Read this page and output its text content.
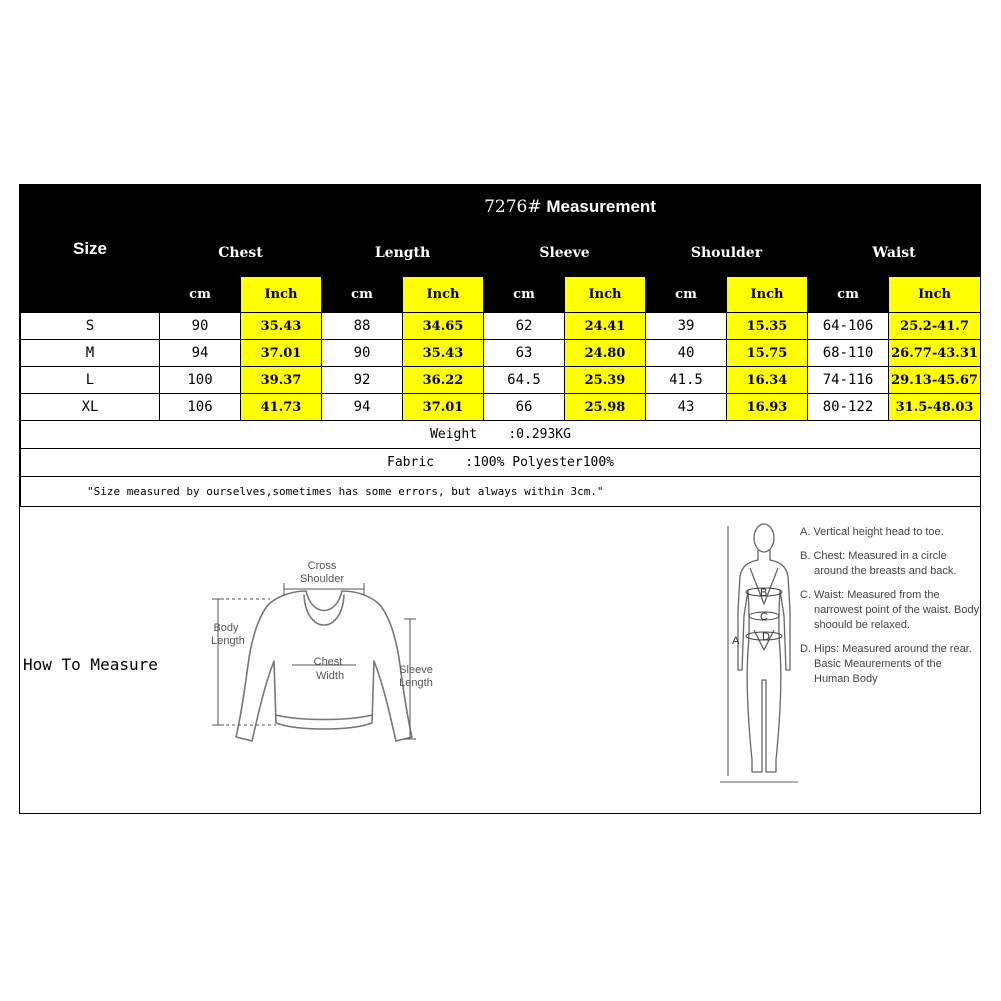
Size	7276# Measurement									
	Chest		Length		Sleeve		Shoulder		Waist	
	cm	Inch	cm	Inch	cm	Inch	cm	Inch	cm	Inch
S	90	35.43	88	34.65	62	24.41	39	15.35	64-106	25.2-41.7
M	94	37.01	90	35.43	63	24.80	40	15.75	68-110	26.77-43.31
L	100	39.37	92	36.22	64.5	25.39	41.5	16.34	74-116	29.13-45.67
XL	106	41.73	94	37.01	66	25.98	43	16.93	80-122	31.5-48.03
Weight    :0.293KG										
Fabric    :100% Polyester100%										
"Size measured by ourselves,sometimes has some errors, but always within 3cm."										
How To Measure
Cross
Shoulder
Body
Length
Chest
Width	Sleeve
Length
A
B
C
D

A. Vertical height head to toe.

B. Chest: Measured in a circle around the breasts and back.

C. Waist: Measured from the narrowest point of the waist. Body shoould be relaxed.

D. Hips: Measured around the rear. Basic Meaurements of the Human Body
